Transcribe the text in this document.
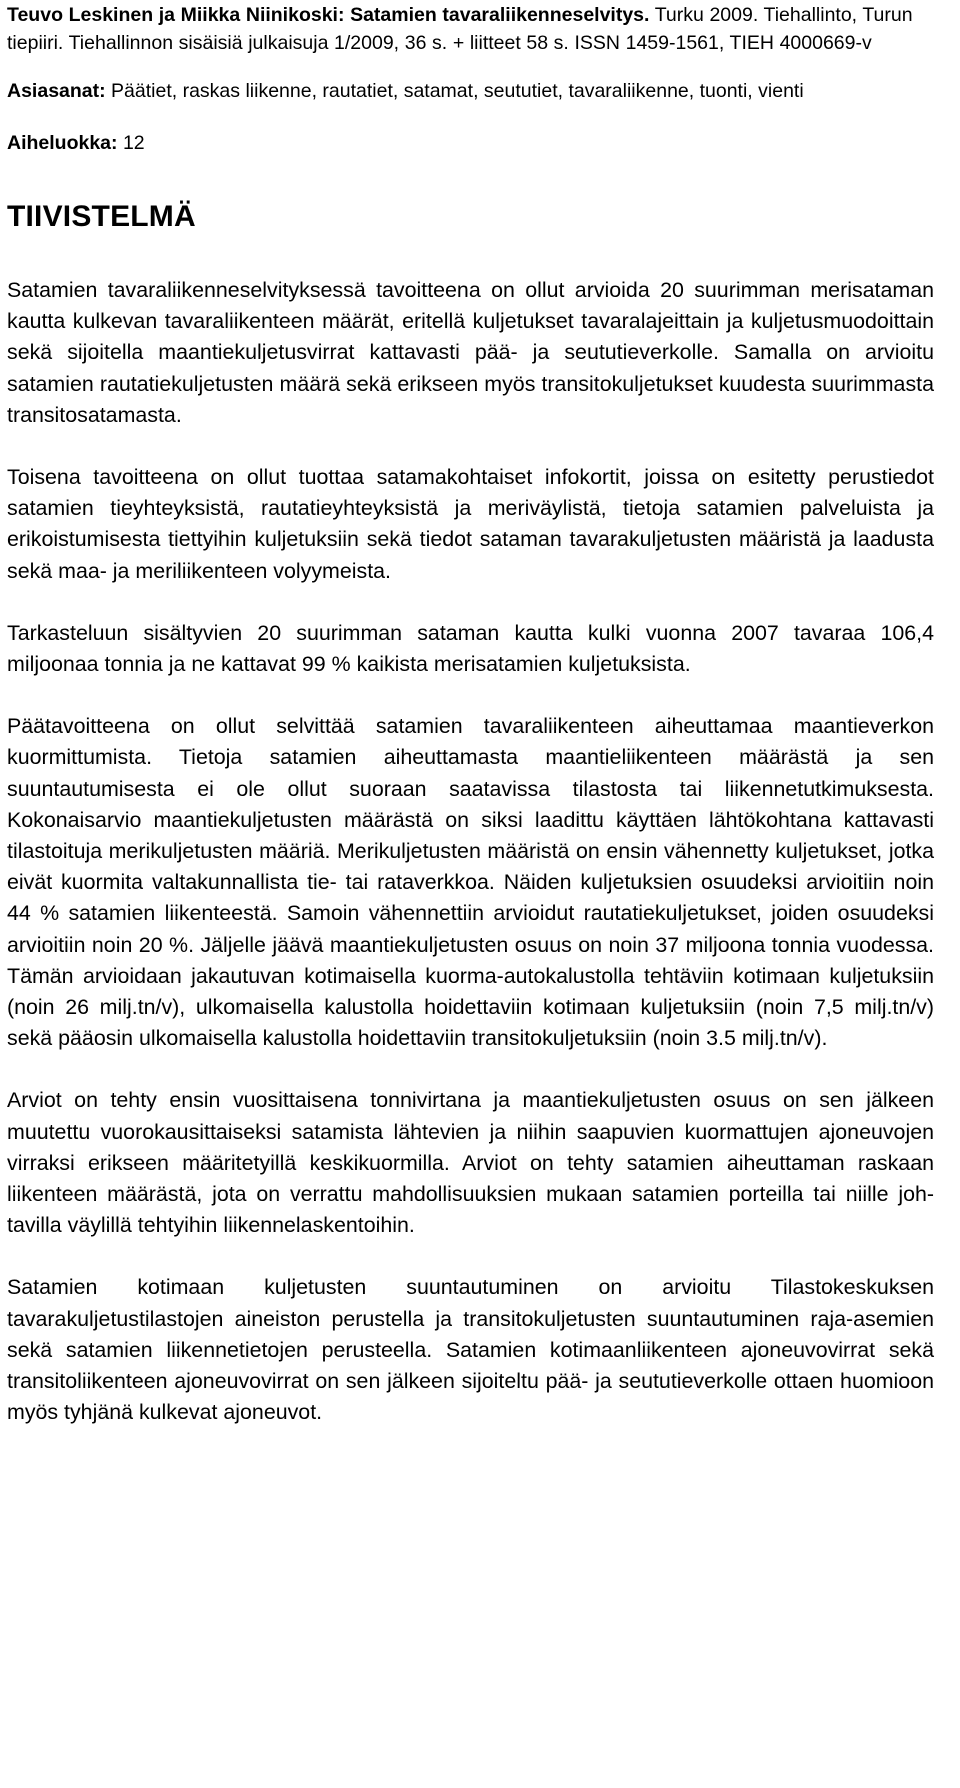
Teuvo Leskinen ja Miikka Niinikoski: Satamien tavaraliikenneselvitys. Turku 2009. Tiehallinto, Turun tiepiiri. Tiehallinnon sisäisiä julkaisuja 1/2009, 36 s. + liitteet 58 s. ISSN 1459-1561, TIEH 4000669-v

Asiasanat: Päätiet, raskas liikenne, rautatiet, satamat, seututiet, tavaraliikenne, tuonti, vienti

Aiheluokka: 12

TIIVISTELMÄ

Satamien tavaraliikenneselvityksessä tavoitteena on ollut arvioida 20 suurimman merisataman kautta kulkevan tavaraliikenteen määrät, eritellä kuljetukset tavaralajeittain ja kuljetusmuodoittain sekä sijoitella maantiekuljetusvirrat kattavasti pää- ja seututieverkolle. Samalla on arvioitu satamien rautatiekuljetusten määrä sekä erikseen myös transitokuljetukset kuudesta suurimmasta transitosatamasta.

Toisena tavoitteena on ollut tuottaa satamakohtaiset infokortit, joissa on esitetty perustiedot satamien tieyhteyksistä, rautatieyhteyksistä ja meriväylistä, tietoja satamien palveluista ja erikoistumisesta tiettyihin kuljetuksiin sekä tiedot sataman tavarakuljetusten määristä ja laadusta sekä maa- ja meriliikenteen volyymeista.

Tarkasteluun sisältyvien 20 suurimman sataman kautta kulki vuonna 2007 tavaraa 106,4 miljoonaa tonnia ja ne kattavat 99 % kaikista merisatamien kuljetuksista.

Päätavoitteena on ollut selvittää satamien tavaraliikenteen aiheuttamaa maantieverkon kuormittumista. Tietoja satamien aiheuttamasta maantieliikenteen määrästä ja sen suuntautumisesta ei ole ollut suoraan saatavissa tilastosta tai liikennetutkimuksesta. Kokonaisarvio maantiekuljetusten määrästä on siksi laadittu käyttäen lähtökohtana kattavasti tilastoituja merikuljetusten määriä. Merikuljetusten määristä on ensin vähennetty kuljetukset, jotka eivät kuormita valtakunnallista tie- tai rataverkkoa. Näiden kuljetuksien osuudeksi arvioitiin noin 44 % satamien liikenteestä. Samoin vähennettiin arvioidut rautatiekuljetukset, joiden osuudeksi arvioitiin noin 20 %. Jäljelle jäävä maantiekuljetusten osuus on noin 37 miljoona tonnia vuodessa. Tämän arvioidaan jakautuvan kotimaisella kuorma-autokalustolla tehtäviin kotimaan kuljetuksiin (noin 26 milj.tn/v), ulkomaisella kalustolla hoidettaviin kotimaan kuljetuksiin (noin 7,5 milj.tn/v) sekä pääosin ulkomaisella kalustolla hoidettaviin transitokuljetuksiin (noin 3.5 milj.tn/v).

Arviot on tehty ensin vuosittaisena tonnivirtana ja maantiekuljetusten osuus on sen jälkeen muutettu vuorokausittaiseksi satamista lähtevien ja niihin saapuvien kuormattujen ajoneuvojen virraksi erikseen määritetyillä keskikuormilla. Arviot on tehty satamien aiheuttaman raskaan liikenteen määrästä, jota on verrattu mahdollisuuksien mukaan satamien porteilla tai niille johtavilla väylillä tehtyihin liikennelaskentoihin.

Satamien kotimaan kuljetusten suuntautuminen on arvioitu Tilastokeskuksen tavarakuljetustilastojen aineiston perustella ja transitokuljetusten suuntautuminen raja-asemien sekä satamien liikennetietojen perusteella. Satamien kotimaanliikenteen ajoneuvovirrat sekä transitoliikenteen ajoneuvovirrat on sen jälkeen sijoiteltu pää- ja seututieverkolle ottaen huomioon myös tyhjänä kulkevat ajoneuvot.
